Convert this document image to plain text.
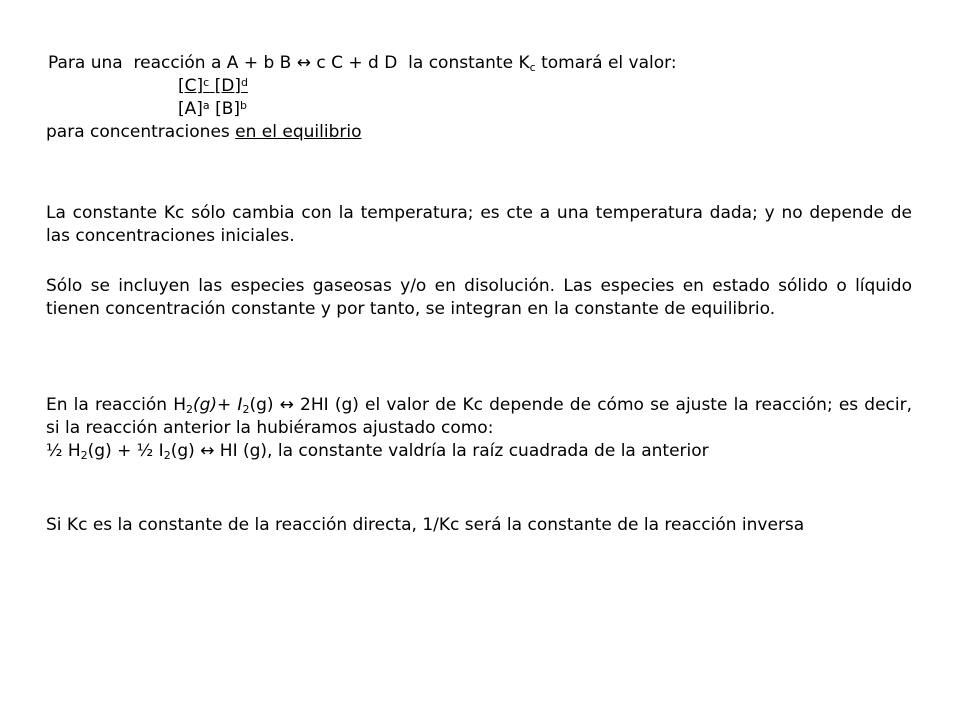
Para una  reacción a A + b B ↔ c C + d D  la constante $K_c$ tomará el valor:
$[C]^c$ $[D]^d$
$[A]^a$ $[B]^b$
para concentraciones en el equilibrio
La constante Kc sólo cambia con la temperatura; es cte a una temperatura dada; y no depende de las concentraciones iniciales.
Sólo se incluyen las especies gaseosas y/o en disolución. Las especies en estado sólido o líquido tienen concentración constante y por tanto, se integran en la constante de equilibrio.
En la reacción $H_2(g)+ I_2(g)$ ↔ 2HI (g) el valor de Kc depende de cómo se ajuste la reacción; es decir, si la reacción anterior la hubiéramos ajustado como:
½ $H_2(g)$ + ½ $I_2(g)$ ↔ HI (g), la constante valdría la raíz cuadrada de la anterior
Si Kc es la constante de la reacción directa, 1/Kc será la constante de la reacción inversa
